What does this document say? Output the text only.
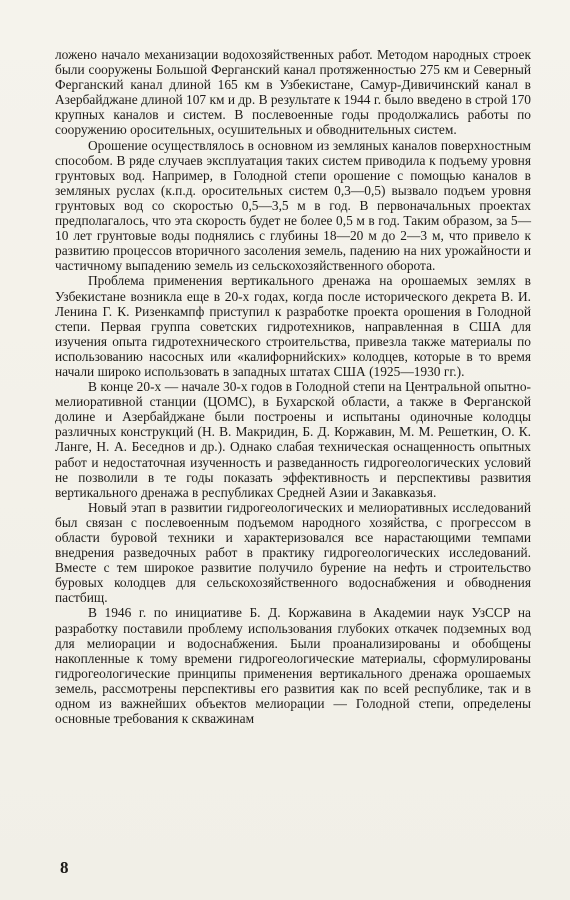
ложено начало механизации водохозяйственных работ. Методом народных строек были сооружены Большой Ферганский канал протяженностью 275 км и Северный Ферганский канал длиной 165 км в Узбекистане, Самур-Дивичинский канал в Азербайджане длиной 107 км и др. В результате к 1944 г. было введено в строй 170 крупных каналов и систем. В послевоенные годы продолжались работы по сооружению оросительных, осушительных и обводнительных систем.

Орошение осуществлялось в основном из земляных каналов поверхностным способом. В ряде случаев эксплуатация таких систем приводила к подъему уровня грунтовых вод. Например, в Голодной степи орошение с помощью каналов в земляных руслах (к.п.д. оросительных систем 0,3—0,5) вызвало подъем уровня грунтовых вод со скоростью 0,5—3,5 м в год. В первоначальных проектах предполагалось, что эта скорость будет не более 0,5 м в год. Таким образом, за 5—10 лет грунтовые воды поднялись с глубины 18—20 м до 2—3 м, что привело к развитию процессов вторичного засоления земель, падению на них урожайности и частичному выпадению земель из сельскохозяйственного оборота.

Проблема применения вертикального дренажа на орошаемых землях в Узбекистане возникла еще в 20-х годах, когда после исторического декрета В. И. Ленина Г. К. Ризенкампф приступил к разработке проекта орошения в Голодной степи. Первая группа советских гидротехников, направленная в США для изучения опыта гидротехнического строительства, привезла также материалы по использованию насосных или «калифорнийских» колодцев, которые в то время начали широко использовать в западных штатах США (1925—1930 гг.).

В конце 20-х — начале 30-х годов в Голодной степи на Центральной опытно-мелиоративной станции (ЦОМС), в Бухарской области, а также в Ферганской долине и Азербайджане были построены и испытаны одиночные колодцы различных конструкций (Н. В. Макридин, Б. Д. Коржавин, М. М. Решеткин, О. К. Ланге, Н. А. Беседнов и др.). Однако слабая техническая оснащенность опытных работ и недостаточная изученность и разведанность гидрогеологических условий не позволили в те годы показать эффективность и перспективы развития вертикального дренажа в республиках Средней Азии и Закавказья.

Новый этап в развитии гидрогеологических и мелиоративных исследований был связан с послевоенным подъемом народного хозяйства, с прогрессом в области буровой техники и характеризовался все нарастающими темпами внедрения разведочных работ в практику гидрогеологических исследований. Вместе с тем широкое развитие получило бурение на нефть и строительство буровых колодцев для сельскохозяйственного водоснабжения и обводнения пастбищ.

В 1946 г. по инициативе Б. Д. Коржавина в Академии наук УзССР на разработку поставили проблему использования глубоких откачек подземных вод для мелиорации и водоснабжения. Были проанализированы и обобщены накопленные к тому времени гидрогеологические материалы, сформулированы гидрогеологические принципы применения вертикального дренажа орошаемых земель, рассмотрены перспективы его развития как по всей республике, так и в одном из важнейших объектов мелиорации — Голодной степи, определены основные требования к скважинам

8
